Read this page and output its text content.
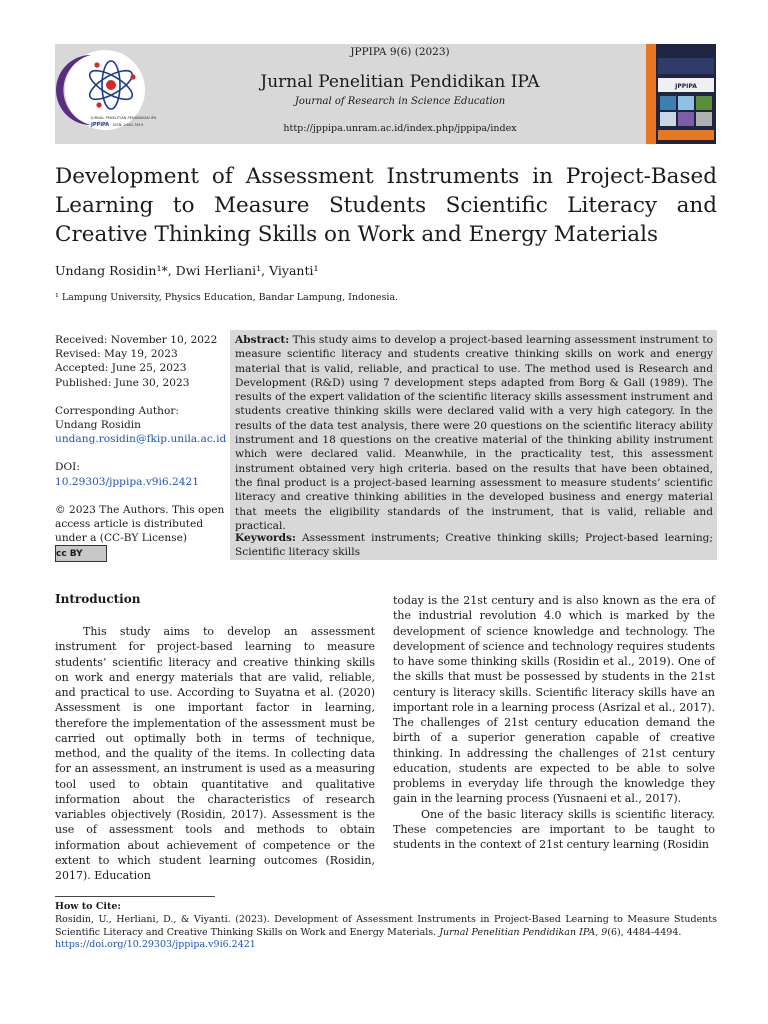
JURNAL PENELITIAN PENDIDIKAN IPA
JPPIPA ISSN: 2460-7819
JPPIPA
JPPIPA 9(6) (2023)
Jurnal Penelitian Pendidikan IPA
Journal of Research in Science Education
http://jppipa.unram.ac.id/index.php/jppipa/index
Development of Assessment Instruments in Project-Based Learning to Measure Students Scientific Literacy and Creative Thinking Skills on Work and Energy Materials
Undang Rosidin¹*, Dwi Herliani¹, Viyanti¹
¹ Lampung University, Physics Education, Bandar Lampung, Indonesia.
Received: November 10, 2022
Revised: May 19, 2023
Accepted: June 25, 2023
Published: June 30, 2023
Corresponding Author:
Undang Rosidin
undang.rosidin@fkip.unila.ac.id
DOI: 10.29303/jppipa.v9i6.2421
© 2023 The Authors. This open access article is distributed under a (CC-BY License)
cc BY
Abstract: This study aims to develop a project-based learning assessment instrument to measure scientific literacy and students creative thinking skills on work and energy material that is valid, reliable, and practical to use. The method used is Research and Development (R&D) using 7 development steps adapted from Borg & Gall (1989). The results of the expert validation of the scientific literacy skills assessment instrument and students creative thinking skills were declared valid with a very high category. In the results of the data test analysis, there were 20 questions on the scientific literacy ability instrument and 18 questions on the creative material of the thinking ability instrument which were declared valid. Meanwhile, in the practicality test, this assessment instrument obtained very high criteria. based on the results that have been obtained, the final product is a project-based learning assessment to measure students’ scientific literacy and creative thinking abilities in the developed business and energy material that meets the eligibility standards of the instrument, that is valid, reliable and practical.
Keywords: Assessment instruments; Creative thinking skills; Project-based learning; Scientific literacy skills
Introduction

This study aims to develop an assessment instrument for project-based learning to measure students’ scientific literacy and creative thinking skills on work and energy materials that are valid, reliable, and practical to use. According to Suyatna et al. (2020) Assessment is one important factor in learning, therefore the implementation of the assessment must be carried out optimally both in terms of technique, method, and the quality of the items. In collecting data for an assessment, an instrument is used as a measuring tool used to obtain quantitative and qualitative information about the characteristics of research variables objectively (Rosidin, 2017). Assessment is the use of assessment tools and methods to obtain information about achievement of competence or the extent to which student learning outcomes (Rosidin, 2017). Education

today is the 21st century and is also known as the era of the industrial revolution 4.0 which is marked by the development of science knowledge and technology. The development of science and technology requires students to have some thinking skills (Rosidin et al., 2019). One of the skills that must be possessed by students in the 21st century is literacy skills. Scientific literacy skills have an important role in a learning process (Asrizal et al., 2017). The challenges of 21st century education demand the birth of a superior generation capable of creative thinking. In addressing the challenges of 21st century education, students are expected to be able to solve problems in everyday life through the knowledge they gain in the learning process (Yusnaeni et al., 2017).

One of the basic literacy skills is scientific literacy. These competencies are important to be taught to students in the context of 21st century learning (Rosidin

How to Cite:
Rosidin, U., Herliani, D., & Viyanti. (2023). Development of Assessment Instruments in Project-Based Learning to Measure Students Scientific Literacy and Creative Thinking Skills on Work and Energy Materials. Jurnal Penelitian Pendidikan IPA, 9(6), 4484-4494.
https://doi.org/10.29303/jppipa.v9i6.2421
